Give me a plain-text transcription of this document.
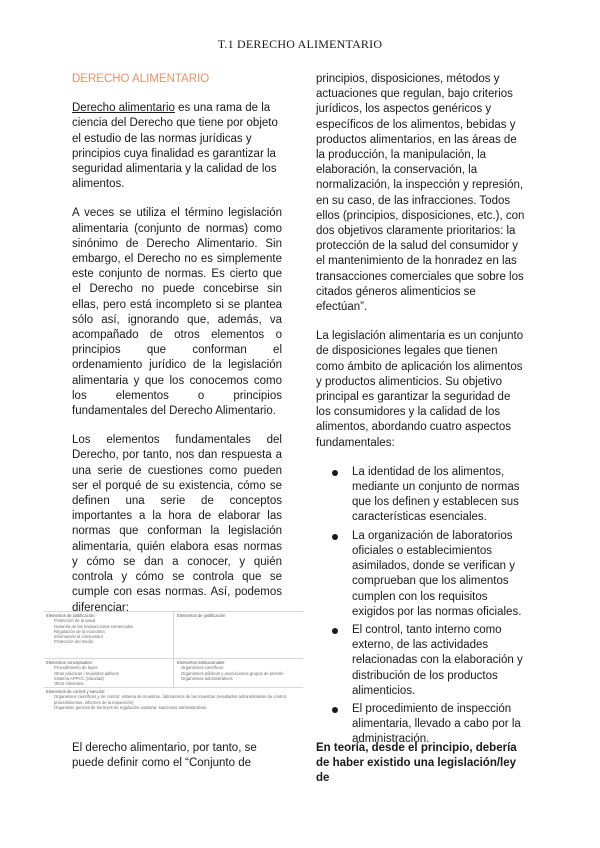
T.1 DERECHO ALIMENTARIO
DERECHO ALIMENTARIO

Derecho alimentario es una rama de la ciencia del Derecho que tiene por objeto el estudio de las normas jurídicas y principios cuya finalidad es garantizar la seguridad alimentaria y la calidad de los alimentos.

A veces se utiliza el término legislación alimentaria (conjunto de normas) como sinónimo de Derecho Alimentario. Sin embargo, el Derecho no es simplemente este conjunto de normas. Es cierto que el Derecho no puede concebirse sin ellas, pero está incompleto si se plantea sólo así, ignorando que, además, va acompañado de otros elementos o principios que conforman el ordenamiento jurídico de la legislación alimentaria y que los conocemos como los elementos o principios fundamentales del Derecho Alimentario.

Los elementos fundamentales del Derecho, por tanto, nos dan respuesta a una serie de cuestiones como pueden ser el porqué de su existencia, cómo se definen una serie de conceptos importantes a la hora de elaborar las normas que conforman la legislación alimentaria, quién elabora esas normas y cómo se dan a conocer, y quién controla y cómo se controla que se cumple con esas normas. Así, podemos diferenciar:

Elementos de justificación:
Protección de la salud
Garantía de las transacciones comerciales
Regulación de la economía
Información al consumidor
Protección del medio
Elementos de justificación
Elementos conceptuales:
Procedimiento de leyes
Otras prácticas / requisitos aditivos
Sistema APPCC (Sanidad)
Otros Alimentos
Elementos institucionales:
Organismos científicos
Organismos públicos y asociaciones grupos de presión
Organismos administrativos
Elementos de control y sanción:
Organismos científicos y de control: sistema de muestreo, laboratorios de las muestras (resultados administrativos de control, procedimientos, informes de la inspección)
Organismo general de las leyes de regulación sanitaria: sanciones administrativas
El derecho alimentario, por tanto, se puede definir como el “Conjunto de

principios, disposiciones, métodos y actuaciones que regulan, bajo criterios jurídicos, los aspectos genéricos y específicos de los alimentos, bebidas y productos alimentarios, en las áreas de la producción, la manipulación, la elaboración, la conservación, la normalización, la inspección y represión, en su caso, de las infracciones. Todos ellos (principios, disposiciones, etc.), con dos objetivos claramente prioritarios: la protección de la salud del consumidor y el mantenimiento de la honradez en las transacciones comerciales que sobre los citados géneros alimenticios se efectúan”.

La legislación alimentaria es un conjunto de disposiciones legales que tienen como ámbito de aplicación los alimentos y productos alimenticios. Su objetivo principal es garantizar la seguridad de los consumidores y la calidad de los alimentos, abordando cuatro aspectos fundamentales:

La identidad de los alimentos, mediante un conjunto de normas que los definen y establecen sus características esenciales.
La organización de laboratorios oficiales o establecimientos asimilados, donde se verifican y comprueban que los alimentos cumplen con los requisitos exigidos por las normas oficiales.
El control, tanto interno como externo, de las actividades relacionadas con la elaboración y distribución de los productos alimenticios.
El procedimiento de inspección alimentaria, llevado a cabo por la administración.
En teoría, desde el principio, debería de haber existido una legislación/ley de
